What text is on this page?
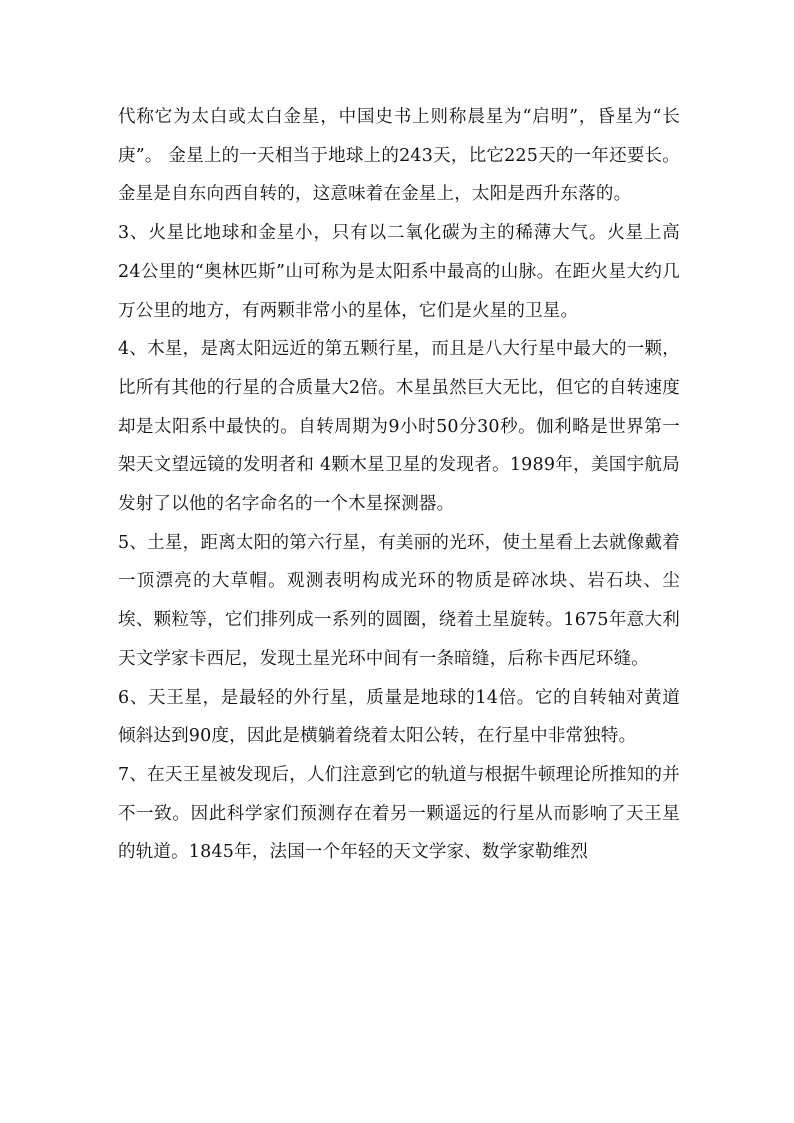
代称它为太白或太白金星，中国史书上则称晨星为“启明”，昏星为“长庚”。 金星上的一天相当于地球上的243天，比它225天的一年还要长。金星是自东向西自转的，这意味着在金星上，太阳是西升东落的。

3、火星比地球和金星小，只有以二氧化碳为主的稀薄大气。火星上高24公里的“奥林匹斯”山可称为是太阳系中最高的山脉。在距火星大约几万公里的地方，有两颗非常小的星体，它们是火星的卫星。

4、木星，是离太阳远近的第五颗行星，而且是八大行星中最大的一颗，比所有其他的行星的合质量大2倍。木星虽然巨大无比，但它的自转速度却是太阳系中最快的。自转周期为9小时50分30秒。伽利略是世界第一架天文望远镜的发明者和 4颗木星卫星的发现者。1989年，美国宇航局发射了以他的名字命名的一个木星探测器。

5、土星，距离太阳的第六行星，有美丽的光环，使土星看上去就像戴着一顶漂亮的大草帽。观测表明构成光环的物质是碎冰块、岩石块、尘埃、颗粒等，它们排列成一系列的圆圈，绕着土星旋转。1675年意大利天文学家卡西尼，发现土星光环中间有一条暗缝，后称卡西尼环缝。

6、天王星，是最轻的外行星，质量是地球的14倍。它的自转轴对黄道倾斜达到90度，因此是横躺着绕着太阳公转，在行星中非常独特。

7、在天王星被发现后，人们注意到它的轨道与根据牛顿理论所推知的并不一致。因此科学家们预测存在着另一颗遥远的行星从而影响了天王星的轨道。1845年，法国一个年轻的天文学家、数学家勒维烈
